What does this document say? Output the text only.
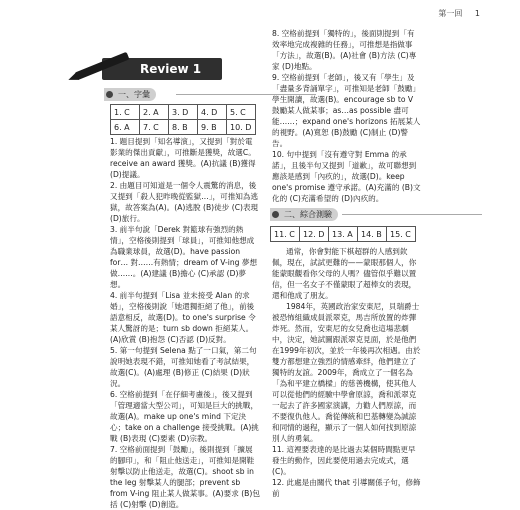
第一回 1
Review 1
一、字彙
1. C	2. A	3. D	4. D	5. C
6. A	7. C	8. B	9. B	10. D

1. 題目提到「知名導演」，又提到「對於電影業的傑出貢獻」，可推斷是獲獎，故選C。receive an award 獲獎。(A)抗議 (B)獲得 (D)提議。

2. 由題目可知道是一個令人震驚的消息，後又提到「殺人犯昨晚從監獄…」，可推知為逃獄，故答案為(A)。(A)逃脫 (B)徒步 (C)表現 (D)旅行。

3. 前半句說「Derek 對籃球有強烈的熱情」，空格後則提到「球員」，可推知他想成為職業球員，故選(D)。have passion for… 對……有熱情；dream of V-ing 夢想做……。(A)建議 (B)擔心 (C)承認 (D)夢想。

4. 前半句提到「Lisa 並未接受 Alan 的求婚」，空格後則說「她還獨拒絕了他」，前後語意相反，故選(D)。to one's surprise 令某人驚訝的是；turn sb down 拒絕某人。(A)欣賞 (B)抱怨 (C)否認 (D)反對。

5. 第一句提到 Selena 點了一口氣，第二句說明她表現不錯，可推知她看了考試結果，故選(C)。(A)處理 (B)修正 (C)結果 (D)狀況。

6. 空格前提到「在仔細考慮後」，後又提到「管理適當大型公司」，可知是巨大的挑戰，故選(A)。make up one's mind 下定決心；take on a challenge 接受挑戰。(A)挑戰 (B)表現 (C)要素 (D)宗教。

7. 空格前面提到「鼓勵」，後則提到「擴展的腳印」，和「阻止他送走」，可推知是開鞋射擊以防止他送走，故選(C)。shoot sb in the leg 射擊某人的腿部；prevent sb from V-ing 阻止某人做某事。(A)要求 (B)包括 (C)射擊 (D)創造。

8. 空格前提到「獨特的」，後面則提到「有效率地完成複雜的任務」，可推想是指做事「方法」，故選(B)。(A)社會 (B)方法 (C)專家 (D)地點。

9. 空格前提到「老師」，後又有「學生」及「盡量多背誦單字」，可推知是老師「鼓勵」學生開讀，故選(B)。encourage sb to V 鼓勵某人做某事；as…as possible 盡可能……；expand one's horizons 拓展某人的視野。(A)寬恕 (B)鼓勵 (C)制止 (D)警告。

10. 句中提到「沒有遵守對 Emma 的承諾」，且後半句又提到「道歉」，故可聯想到應該是感到「內疚的」，故選(D)。keep one's promise 遵守承諾。(A)充滿的 (B)文化的 (C)充滿希望的 (D)內疚的。

二、綜合測驗
11. C	12. D	13. A	14. B	15. C

通常，你會對能下棋超群的人感到欽佩，現在，試試更難的——蒙眼那個人，你能蒙眼觀看你父母的人嗎？儘管似乎難以置信，但一名女子不僅蒙眼了超棒女的表現，還和他成了朋友。

1984年，英國政治家安東尼，貝瑞爵士被恐怖組織成員派翠克，馬吉所放置的炸彈炸死。然而，安東尼的女兒喬也這場悲劇中，決定，她試圖跟派翠克見面，於是他們在1999年初次，並於一年後再次相遇。由於雙方都想建立強烈的情感牽絆，他們建立了獨特的友誼。2009年，喬成立了一個名為「為和平建立橋樑」的慈善機構，使其他人可以從他們的經驗中學會原諒，喬和派翠克一起去了許多國家演講，力勸人們原諒，而不要復仇他人。喬從傳統和巴基轉變為誠諒和同情的過程，顯示了一個人如何找到原諒別人的勇氣。

11. 這裡要表達的是比過去某個時間點更早發生的動作，因此要使用過去完成式，選(C)。

12. 此處是由關代 that 引導關係子句，修飾前
